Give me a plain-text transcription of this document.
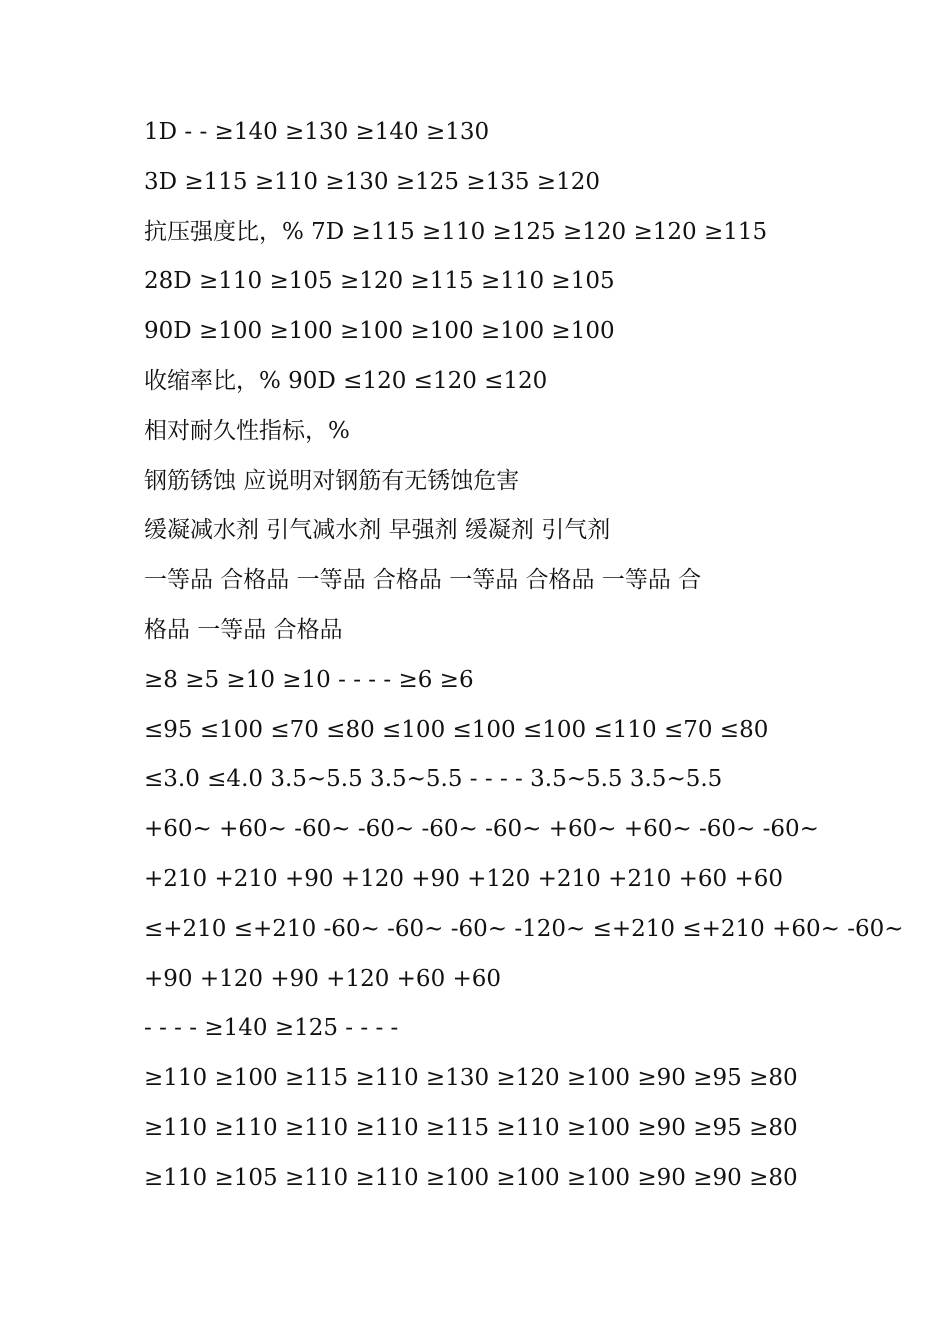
1D - - ≥140 ≥130 ≥140 ≥130
3D ≥115 ≥110 ≥130 ≥125 ≥135 ≥120
抗压强度比，% 7D ≥115 ≥110 ≥125 ≥120 ≥120 ≥115
28D ≥110 ≥105 ≥120 ≥115 ≥110 ≥105
90D ≥100 ≥100 ≥100 ≥100 ≥100 ≥100
收缩率比，% 90D ≤120 ≤120 ≤120
相对耐久性指标，%
钢筋锈蚀 应说明对钢筋有无锈蚀危害
缓凝减水剂 引气减水剂 早强剂 缓凝剂 引气剂
一等品 合格品 一等品 合格品 一等品 合格品 一等品 合
格品 一等品 合格品
≥8 ≥5 ≥10 ≥10 - - - - ≥6 ≥6
≤95 ≤100 ≤70 ≤80 ≤100 ≤100 ≤100 ≤110 ≤70 ≤80
≤3.0 ≤4.0 3.5~5.5 3.5~5.5 - - - - 3.5~5.5 3.5~5.5
+60~ +60~ -60~ -60~ -60~ -60~ +60~ +60~ -60~ -60~
+210 +210 +90 +120 +90 +120 +210 +210 +60 +60
≤+210 ≤+210 -60~ -60~ -60~ -120~ ≤+210 ≤+210 +60~ -60~
+90 +120 +90 +120 +60 +60
- - - - ≥140 ≥125 - - - -
≥110 ≥100 ≥115 ≥110 ≥130 ≥120 ≥100 ≥90 ≥95 ≥80
≥110 ≥110 ≥110 ≥110 ≥115 ≥110 ≥100 ≥90 ≥95 ≥80
≥110 ≥105 ≥110 ≥110 ≥100 ≥100 ≥100 ≥90 ≥90 ≥80
